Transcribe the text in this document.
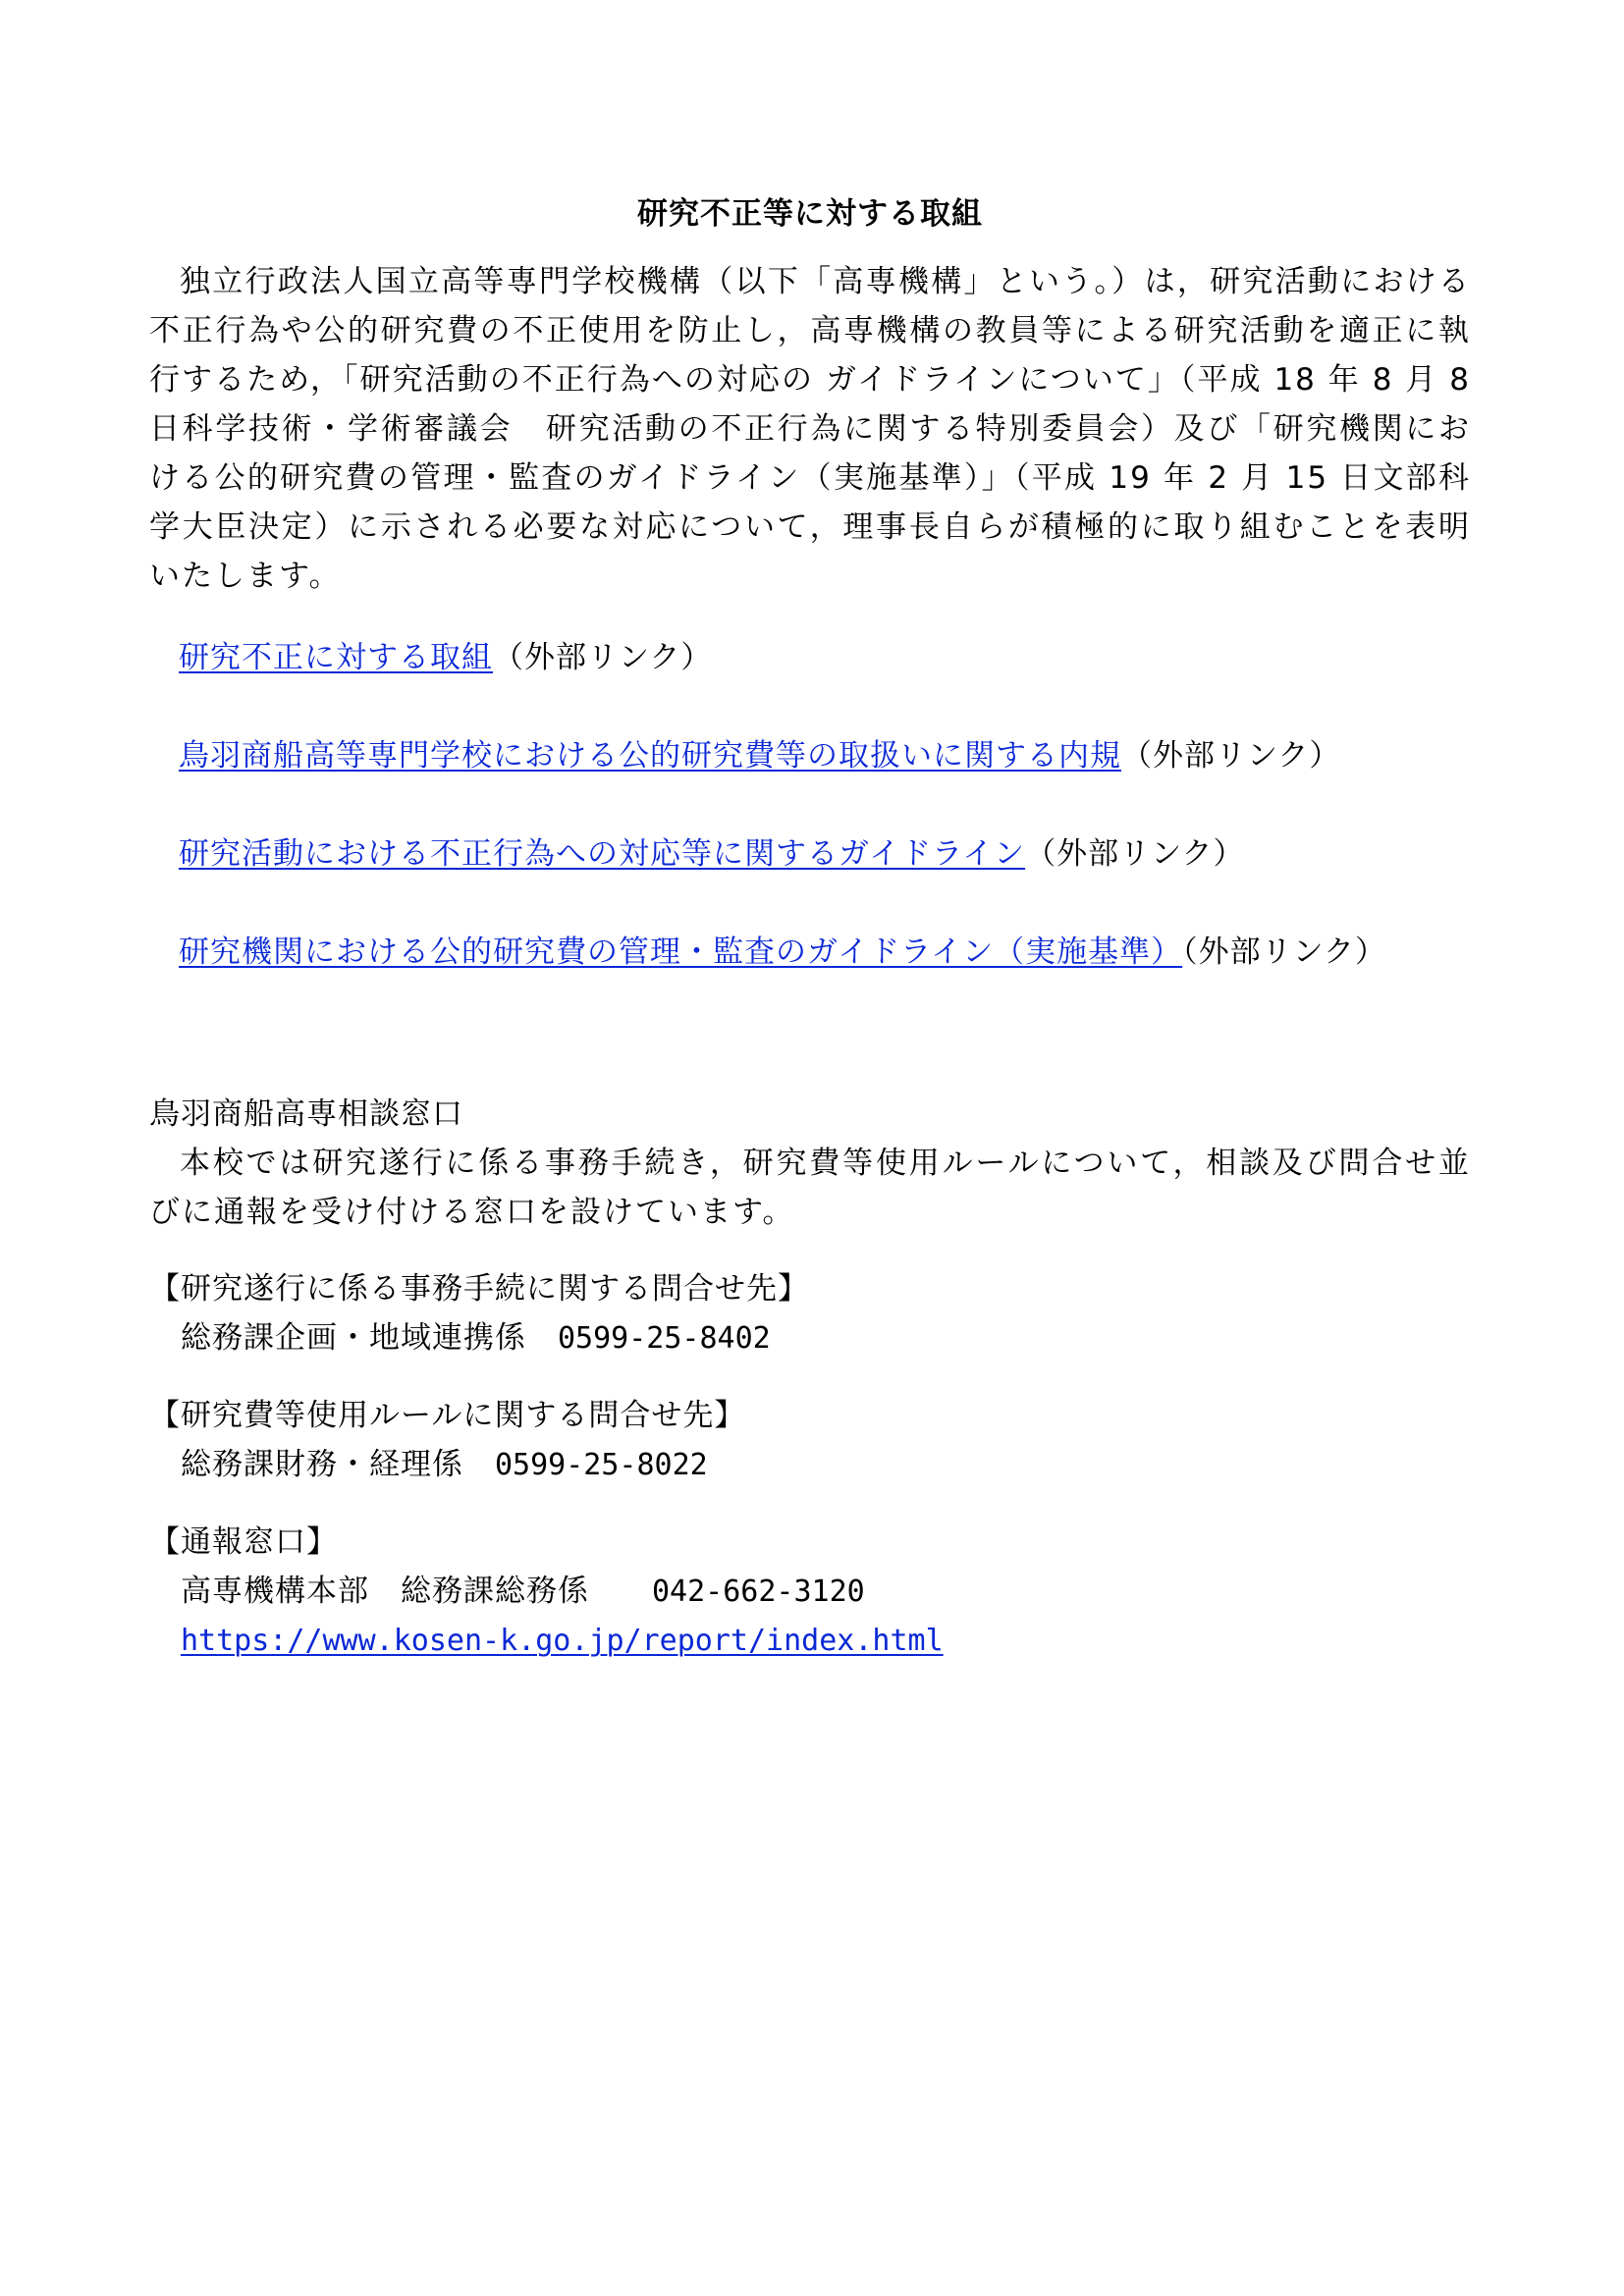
研究不正等に対する取組

独立行政法人国立高等専門学校機構（以下「高専機構」という。）は，研究活動における不正行為や公的研究費の不正使用を防止し，高専機構の教員等による研究活動を適正に執行するため，「研究活動の不正行為への対応の ガイドラインについて」（平成 18 年 8 月 8 日科学技術・学術審議会　研究活動の不正行為に関する特別委員会）及び「研究機関における公的研究費の管理・監査のガイドライン（実施基準）」（平成 19 年 2 月 15 日文部科学大臣決定）に示される必要な対応について，理事長自らが積極的に取り組むことを表明いたします。

研究不正に対する取組（外部リンク）
鳥羽商船高等専門学校における公的研究費等の取扱いに関する内規（外部リンク）
研究活動における不正行為への対応等に関するガイドライン（外部リンク）
研究機関における公的研究費の管理・監査のガイドライン（実施基準）（外部リンク）

鳥羽商船高専相談窓口

本校では研究遂行に係る事務手続き，研究費等使用ルールについて，相談及び問合せ並びに通報を受け付ける窓口を設けています。

【研究遂行に係る事務手続に関する問合せ先】

総務課企画・地域連携係　 0599-25-8402

【研究費等使用ルールに関する問合せ先】

総務課財務・経理係　 0599-25-8022

【通報窓口】

高専機構本部　総務課総務係　　 042-662-3120

https://www.kosen-k.go.jp/report/index.html
